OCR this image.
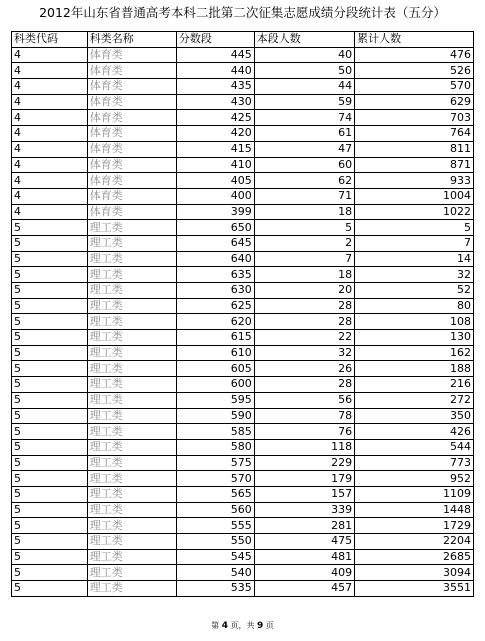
2012年山东省普通高考本科二批第二次征集志愿成绩分段统计表（五分）
科类代码	科类名称	分数段	本段人数	累计人数
4	体育类	445	40	476
4	体育类	440	50	526
4	体育类	435	44	570
4	体育类	430	59	629
4	体育类	425	74	703
4	体育类	420	61	764
4	体育类	415	47	811
4	体育类	410	60	871
4	体育类	405	62	933
4	体育类	400	71	1004
4	体育类	399	18	1022
5	理工类	650	5	5
5	理工类	645	2	7
5	理工类	640	7	14
5	理工类	635	18	32
5	理工类	630	20	52
5	理工类	625	28	80
5	理工类	620	28	108
5	理工类	615	22	130
5	理工类	610	32	162
5	理工类	605	26	188
5	理工类	600	28	216
5	理工类	595	56	272
5	理工类	590	78	350
5	理工类	585	76	426
5	理工类	580	118	544
5	理工类	575	229	773
5	理工类	570	179	952
5	理工类	565	157	1109
5	理工类	560	339	1448
5	理工类	555	281	1729
5	理工类	550	475	2204
5	理工类	545	481	2685
5	理工类	540	409	3094
5	理工类	535	457	3551
第 4 页，共 9 页
